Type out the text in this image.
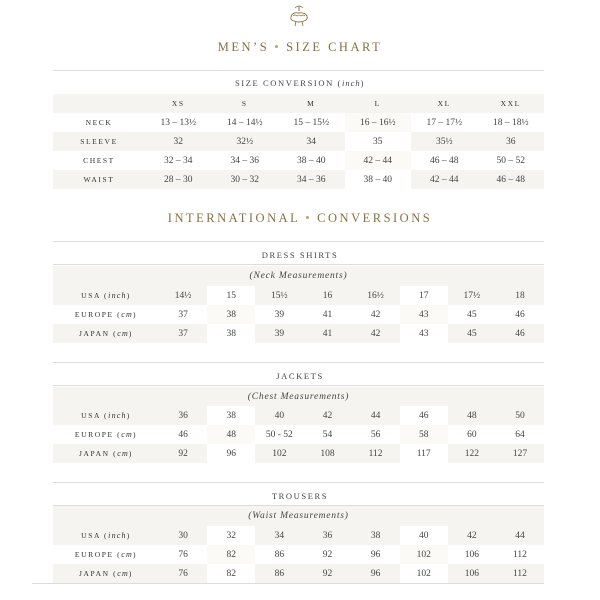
MEN’S • SIZE CHART
SIZE CONVERSION (inch)
	XS	S	M	L	XL	XXL
NECK	13 – 13½	14 – 14½	15 – 15½	16 – 16½	17 – 17½	18 – 18½
SLEEVE	32	32½	34	35	35½	36
CHEST	32 – 34	34 – 36	38 – 40	42 – 44	46 – 48	50 – 52
WAIST	28 – 30	30 – 32	34 – 36	38 – 40	42 – 44	46 – 48
INTERNATIONAL • CONVERSIONS
DRESS SHIRTS
(Neck Measurements)
USA (inch)	14½	15	15½	16	16½	17	17½	18
EUROPE (cm)	37	38	39	41	42	43	45	46
JAPAN (cm)	37	38	39	41	42	43	45	46
JACKETS
(Chest Measurements)
USA (inch)	36	38	40	42	44	46	48	50
EUROPE (cm)	46	48	50 - 52	54	56	58	60	64
JAPAN (cm)	92	96	102	108	112	117	122	127
TROUSERS
(Waist Measurements)
USA (inch)	30	32	34	36	38	40	42	44
EUROPE (cm)	76	82	86	92	96	102	106	112
JAPAN (cm)	76	82	86	92	96	102	106	112
